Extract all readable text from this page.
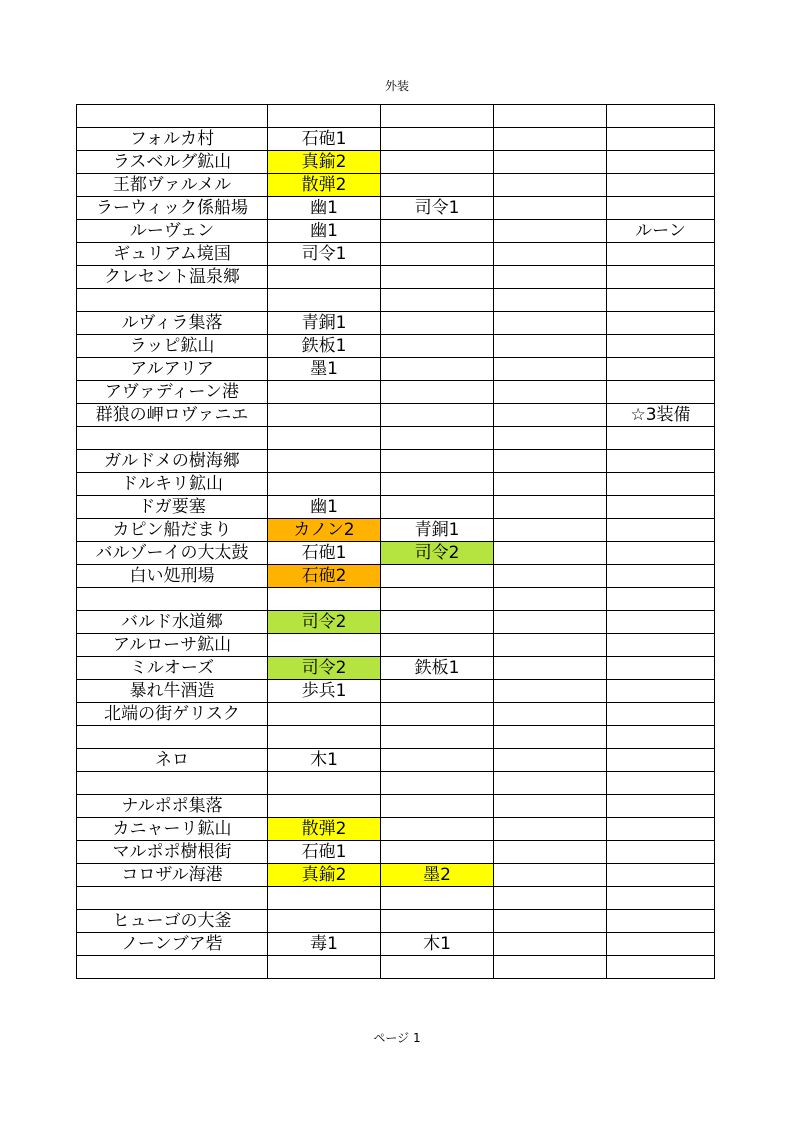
外装

フォルカ村	石砲1			
ラスベルグ鉱山	真鍮2			
王都ヴァルメル	散弾2			
ラーウィック係船場	幽1	司令1		
ルーヴェン	幽1			ルーン
ギュリアム境国	司令1			
クレセント温泉郷				

ルヴィラ集落	青銅1			
ラッピ鉱山	鉄板1			
アルアリア	墨1			
アヴァディーン港				
群狼の岬ロヴァニエ				☆3装備

ガルドメの樹海郷				
ドルキリ鉱山				
ドガ要塞	幽1			
カピン船だまり	カノン2	青銅1		
バルゾーイの大太鼓	石砲1	司令2		
白い処刑場	石砲2			

バルド水道郷	司令2			
アルローサ鉱山				
ミルオーズ	司令2	鉄板1		
暴れ牛酒造	歩兵1			
北端の街ゲリスク				

ネロ	木1			

ナルポポ集落				
カニャーリ鉱山	散弾2			
マルポポ樹根街	石砲1			
コロザル海港	真鍮2	墨2		

ヒューゴの大釜				
ノーンブア砦	毒1	木1		

ページ 1
